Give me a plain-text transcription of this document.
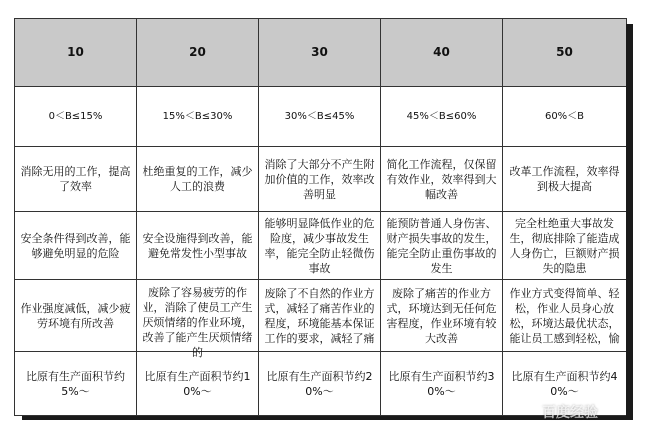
10	20	30	40	50
0＜B≤15%	15%＜B≤30%	30%＜B≤45%	45%＜B≤60%	60%＜B
消除无用的工作，提高了效率	杜绝重复的工作，减少人工的浪费	消除了大部分不产生附加价值的工作，效率改善明显	简化工作流程，仅保留有效作业，效率得到大幅改善	改革工作流程，效率得到极大提高
安全条件得到改善，能够避免明显的危险	安全设施得到改善，能避免常发性小型事故	能够明显降低作业的危险度，减少事故发生率，能完全防止轻微伤事故	能预防普通人身伤害、财产损失事故的发生，能完全防止重伤事故的发生	完全杜绝重大事故发生，彻底排除了能造成人身伤亡，巨额财产损失的隐患
作业强度减低，减少疲劳环境有所改善	废除了容易疲劳的作业，消除了使员工产生厌烦情绪的作业环境，改善了能产生厌烦情绪的	废除了不自然的作业方式，减轻了痛苦作业的程度，环境能基本保证工作的要求，减轻了痛	废除了痛苦的作业方式，环境达到无任何危害程度，作业环境有较大改善	作业方式变得简单、轻松，作业人员身心放松，环境达最优状态，能让员工感到轻松，愉

比原有生产面积节约5%～	比原有生产面积节约10%～	比原有生产面积节约20%～	比原有生产面积节约30%～	比原有生产面积节约40%～
百度经验
